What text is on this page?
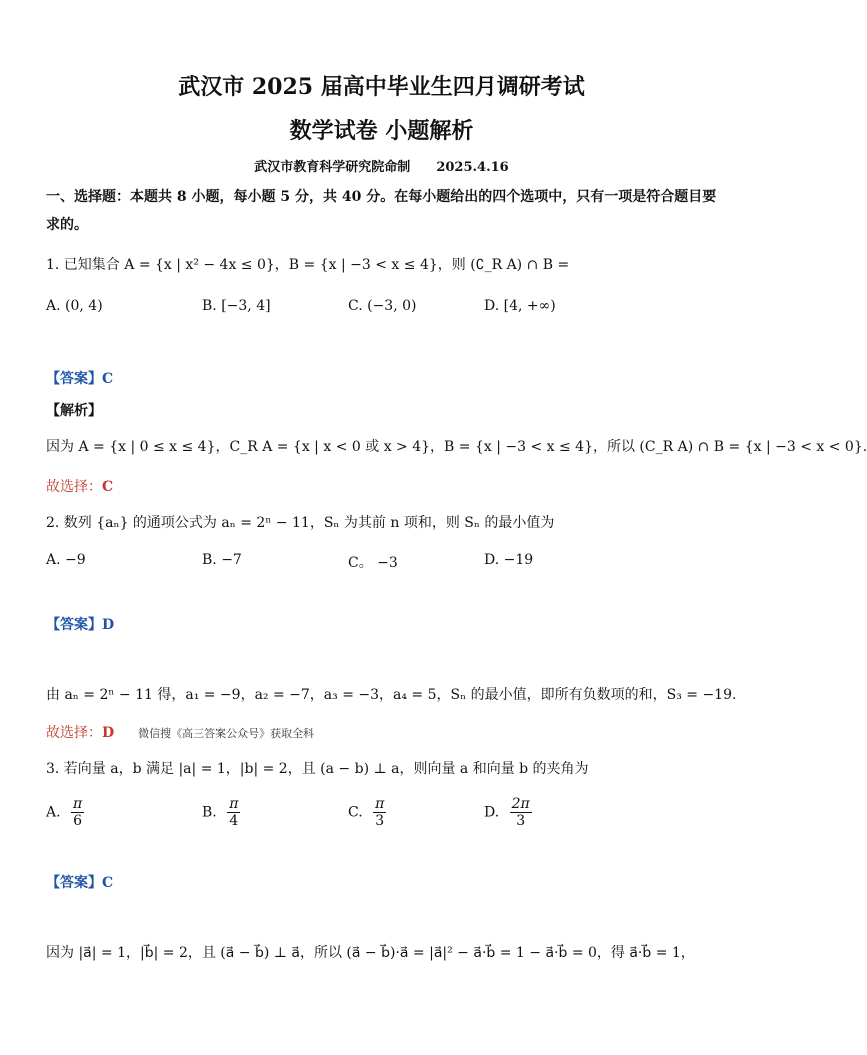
武汉市 2025 届高中毕业生四月调研考试
数学试卷 小题解析
武汉市教育科学研究院命制 2025.4.16
一、选择题：本题共 8 小题，每小题 5 分，共 40 分。在每小题给出的四个选项中，只有一项是符合题目要
求的。
1. 已知集合 A = {x | x² − 4x ≤ 0}，B = {x | −3 < x ≤ 4}，则 (∁_R A) ∩ B =
A. (0, 4)	B. [−3, 4]	C. (−3, 0)	D. [4, +∞)
【答案】C
【解析】
因为 A = {x | 0 ≤ x ≤ 4}，C_R A = {x | x < 0 或 x > 4}，B = {x | −3 < x ≤ 4}，所以 (C_R A) ∩ B = {x | −3 < x < 0}.
故选择：C
2. 数列 {aₙ} 的通项公式为 aₙ = 2ⁿ − 11，Sₙ 为其前 n 项和，则 Sₙ 的最小值为
A. −9	B. −7	C。 −3	D. −19
【答案】D
由 aₙ = 2ⁿ − 11 得，a₁ = −9，a₂ = −7，a₃ = −3，a₄ = 5，Sₙ 的最小值，即所有负数项的和，S₃ = −19.
故选择：D 微信搜《高三答案公众号》获取全科
3. 若向量 a，b 满足 |a| = 1，|b| = 2，且 (a − b) ⊥ a，则向量 a 和向量 b 的夹角为
A. $\frac{\pi}{6}$	B. $\frac{\pi}{4}$	C. $\frac{\pi}{3}$	D. $\frac{2\pi}{3}$
【答案】C
因为 |a⃗| = 1，|b⃗| = 2，且 (a⃗ − b⃗) ⊥ a⃗，所以 (a⃗ − b⃗)·a⃗ = |a⃗|² − a⃗·b⃗ = 1 − a⃗·b⃗ = 0，得 a⃗·b⃗ = 1，
